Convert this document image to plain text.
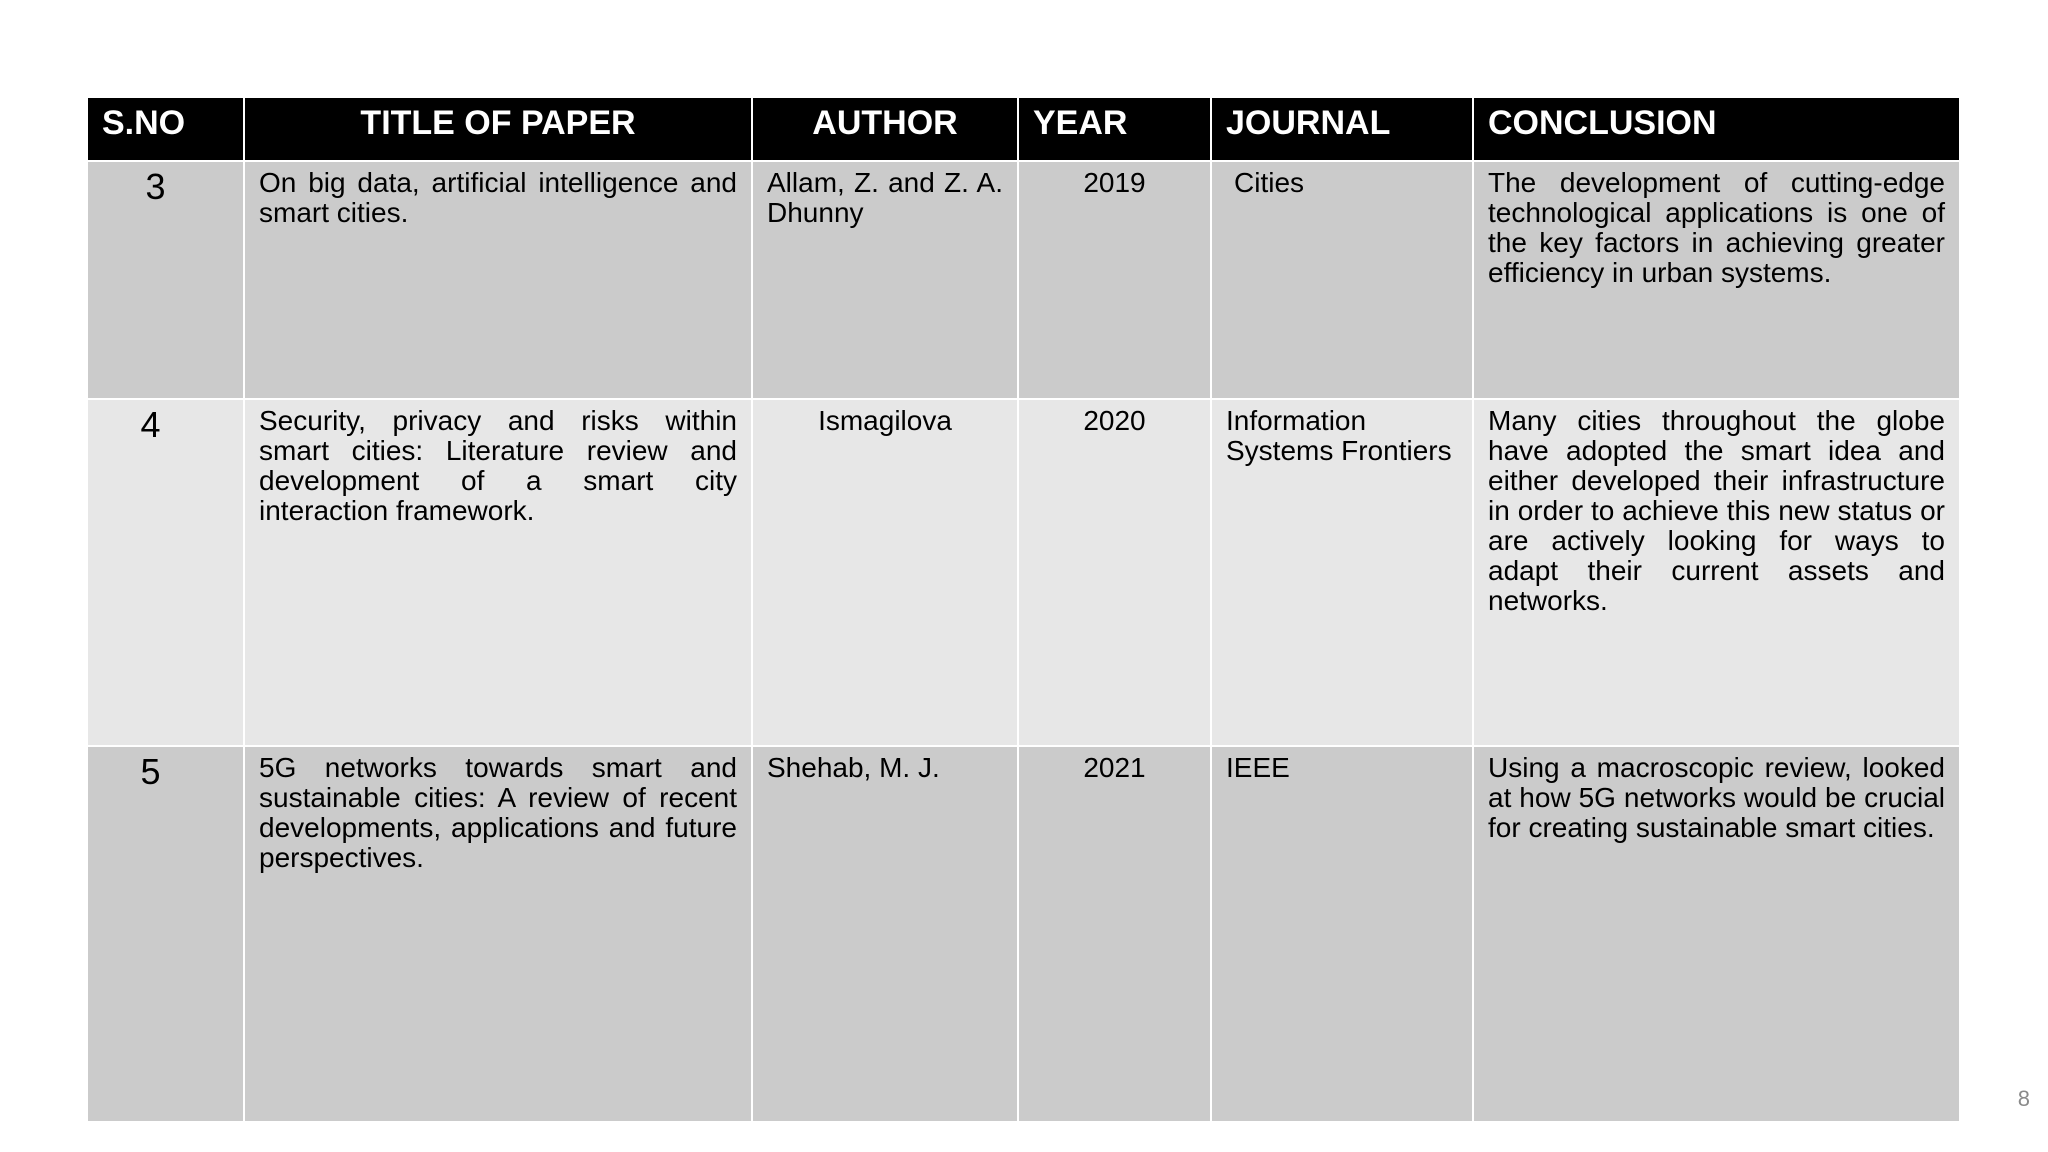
S.NO	TITLE OF PAPER	AUTHOR	YEAR	JOURNAL	CONCLUSION
3	On big data, artificial intelligence and smart cities.	Allam, Z. and Z. A. Dhunny	2019	Cities	The development of cutting-edge technological applications is one of the key factors in achieving greater efficiency in urban systems.
4	Security, privacy and risks within smart cities: Literature review and development of a smart city interaction framework.	Ismagilova	2020	Information Systems Frontiers	Many cities throughout the globe have adopted the smart idea and either developed their infrastructure in order to achieve this new status or are actively looking for ways to adapt their current assets and networks.
5	5G networks towards smart and sustainable cities: A review of recent developments, applications and future perspectives.	Shehab, M. J.	2021	IEEE	Using a macroscopic review, looked at how 5G networks would be crucial for creating sustainable smart cities.
8
